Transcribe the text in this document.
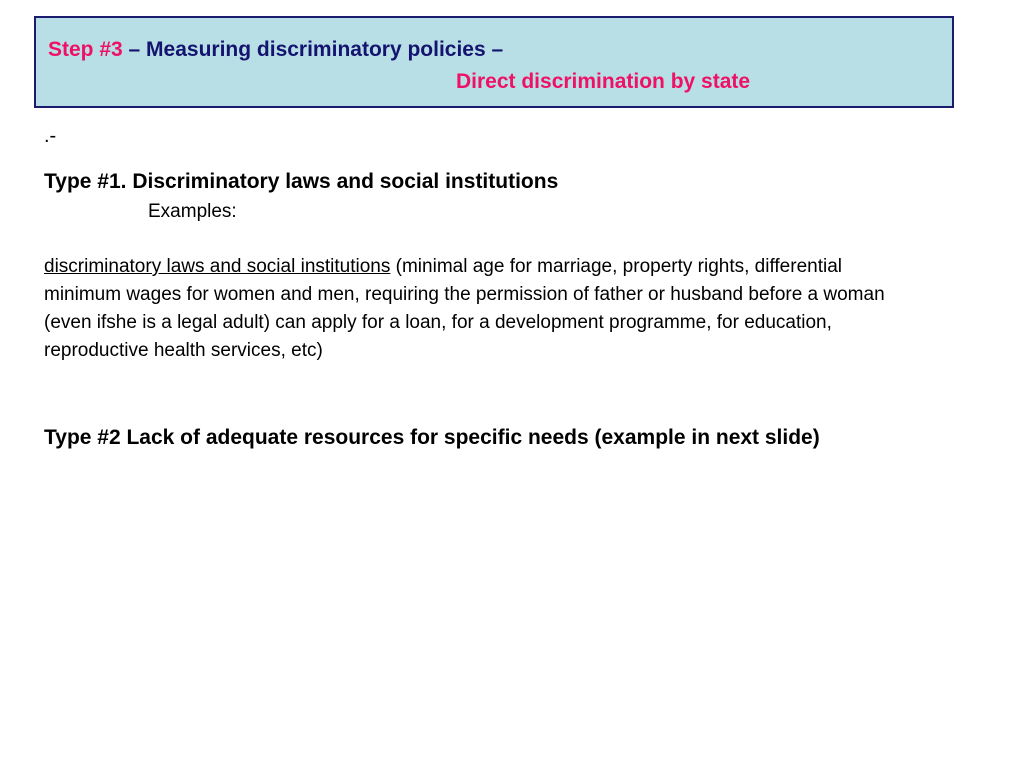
Step #3 – Measuring discriminatory policies –
Direct discrimination by state
.-
Type #1. Discriminatory laws and social institutions
Examples:
discriminatory laws and social institutions (minimal age for marriage, property rights, differential minimum wages for women and men, requiring the permission of father or husband before a woman (even ifshe is a legal adult) can apply for a loan, for a development programme, for education, reproductive health services, etc)
Type #2 Lack of adequate resources for specific needs (example in next slide)
